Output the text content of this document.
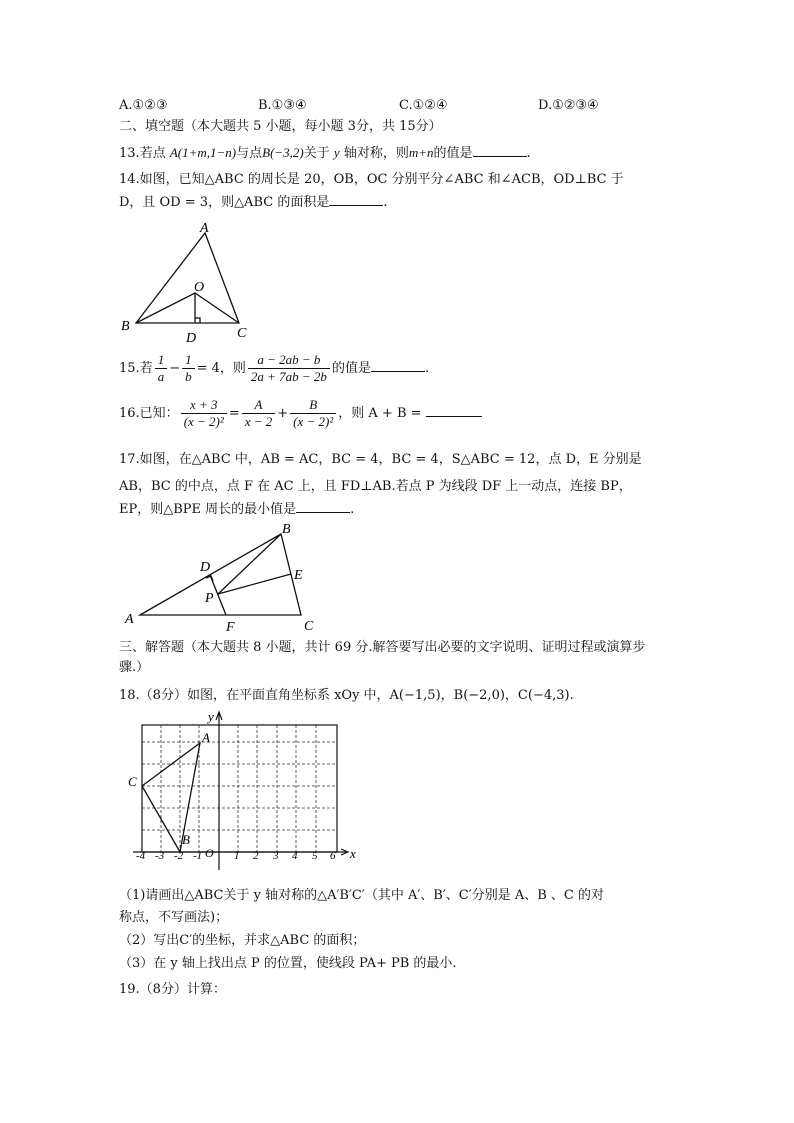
A.①②③	B.①③④	C.①②④	D.①②③④
二、填空题（本大题共 5 小题，每小题 3分，共 15分）
13.若点 A(1+m,1−n)与点B(−3,2)关于 y 轴对称，则m+n的值是	.
14.如图，已知△ABC 的周长是 20，OB，OC 分别平分∠ABC 和∠ACB，OD⊥BC 于
D，且 OD = 3，则△ABC 的面积是	.
A
B	C
O
D
15.若 $\frac{1}{a} - \frac{1}{b} = 4$，则 $\frac{a - 2ab - b}{2a + 7ab - 2b}$ 的值是	.
16.已知： $\frac{x + 3}{\text{(x − 2)²}} = \frac{A}{x - 2} + \frac{B}{\text{(x − 2)²}}$ ，则 A + B =
17.如图，在△ABC 中，AB = AC，BC = 4，BC = 4，S△ABC = 12，点 D，E 分别是
AB，BC 的中点，点 F 在 AC 上，且 FD⊥AB.若点 P 为线段 DF 上一动点，连接 BP，
EP，则△BPE 周长的最小值是	.
A
B
C
D
E
F
P
三、解答题（本大题共 8 小题，共计 69 分.解答要写出必要的文字说明、证明过程或演算步
骤.）
18.（8分）如图，在平面直角坐标系 xOy 中，A(−1,5)，B(−2,0)，C(−4,3).
x
y
O
A
B
C
-4 -3 -2 -1	1 2 3 4 5 6
（1)请画出△ABC关于 y 轴对称的△A′B′C′（其中 A′、B′、C′分别是 A、B 、C 的对
称点，不写画法)；
（2）写出C′的坐标，并求△ABC 的面积；
（3）在 y 轴上找出点 P 的位置，使线段 PA+ PB 的最小.
19.（8分）计算：
